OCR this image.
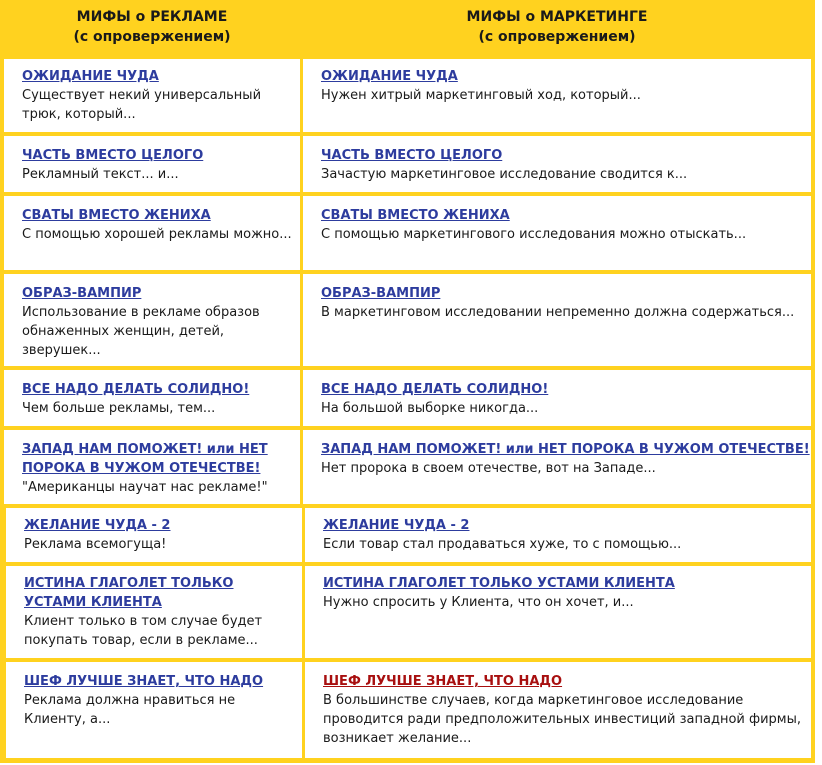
МИФЫ о РЕКЛАМЕ
(с опровержением)
МИФЫ о МАРКЕТИНГЕ
(с опровержением)
ОЖИДАНИЕ ЧУДА
Существует некий универсальный трюк, который...
ОЖИДАНИЕ ЧУДА
Нужен хитрый маркетинговый ход, который...
ЧАСТЬ ВМЕСТО ЦЕЛОГО
Рекламный текст... и...
ЧАСТЬ ВМЕСТО ЦЕЛОГО
Зачастую маркетинговое исследование сводится к...
СВАТЫ ВМЕСТО ЖЕНИХА
С помощью хорошей рекламы можно...
СВАТЫ ВМЕСТО ЖЕНИХА
С помощью маркетингового исследования можно отыскать...
ОБРАЗ-ВАМПИР
Использование в рекламе образов обнаженных женщин, детей, зверушек...
ОБРАЗ-ВАМПИР
В маркетинговом исследовании непременно должна содержаться...
ВСЕ НАДО ДЕЛАТЬ СОЛИДНО!
Чем больше рекламы, тем...
ВСЕ НАДО ДЕЛАТЬ СОЛИДНО!
На большой выборке никогда...
ЗАПАД НАМ ПОМОЖЕТ! или НЕТ ПОРОКА В ЧУЖОМ ОТЕЧЕСТВЕ!
"Американцы научат нас рекламе!"
ЗАПАД НАМ ПОМОЖЕТ! или НЕТ ПОРОКА В ЧУЖОМ ОТЕЧЕСТВЕ!
Нет пророка в своем отечестве, вот на Западе...
ЖЕЛАНИЕ ЧУДА - 2
Реклама всемогуща!
ЖЕЛАНИЕ ЧУДА - 2
Если товар стал продаваться хуже, то с помощью...
ИСТИНА ГЛАГОЛЕТ ТОЛЬКО УСТАМИ КЛИЕНТА
Клиент только в том случае будет покупать товар, если в рекламе...
ИСТИНА ГЛАГОЛЕТ ТОЛЬКО УСТАМИ КЛИЕНТА
Нужно спросить у Клиента, что он хочет, и...
ШЕФ ЛУЧШЕ ЗНАЕТ, ЧТО НАДО
Реклама должна нравиться не Клиенту, а...
ШЕФ ЛУЧШЕ ЗНАЕТ, ЧТО НАДО
В большинстве случаев, когда маркетинговое исследование проводится ради предположительных инвестиций западной фирмы, возникает желание...
